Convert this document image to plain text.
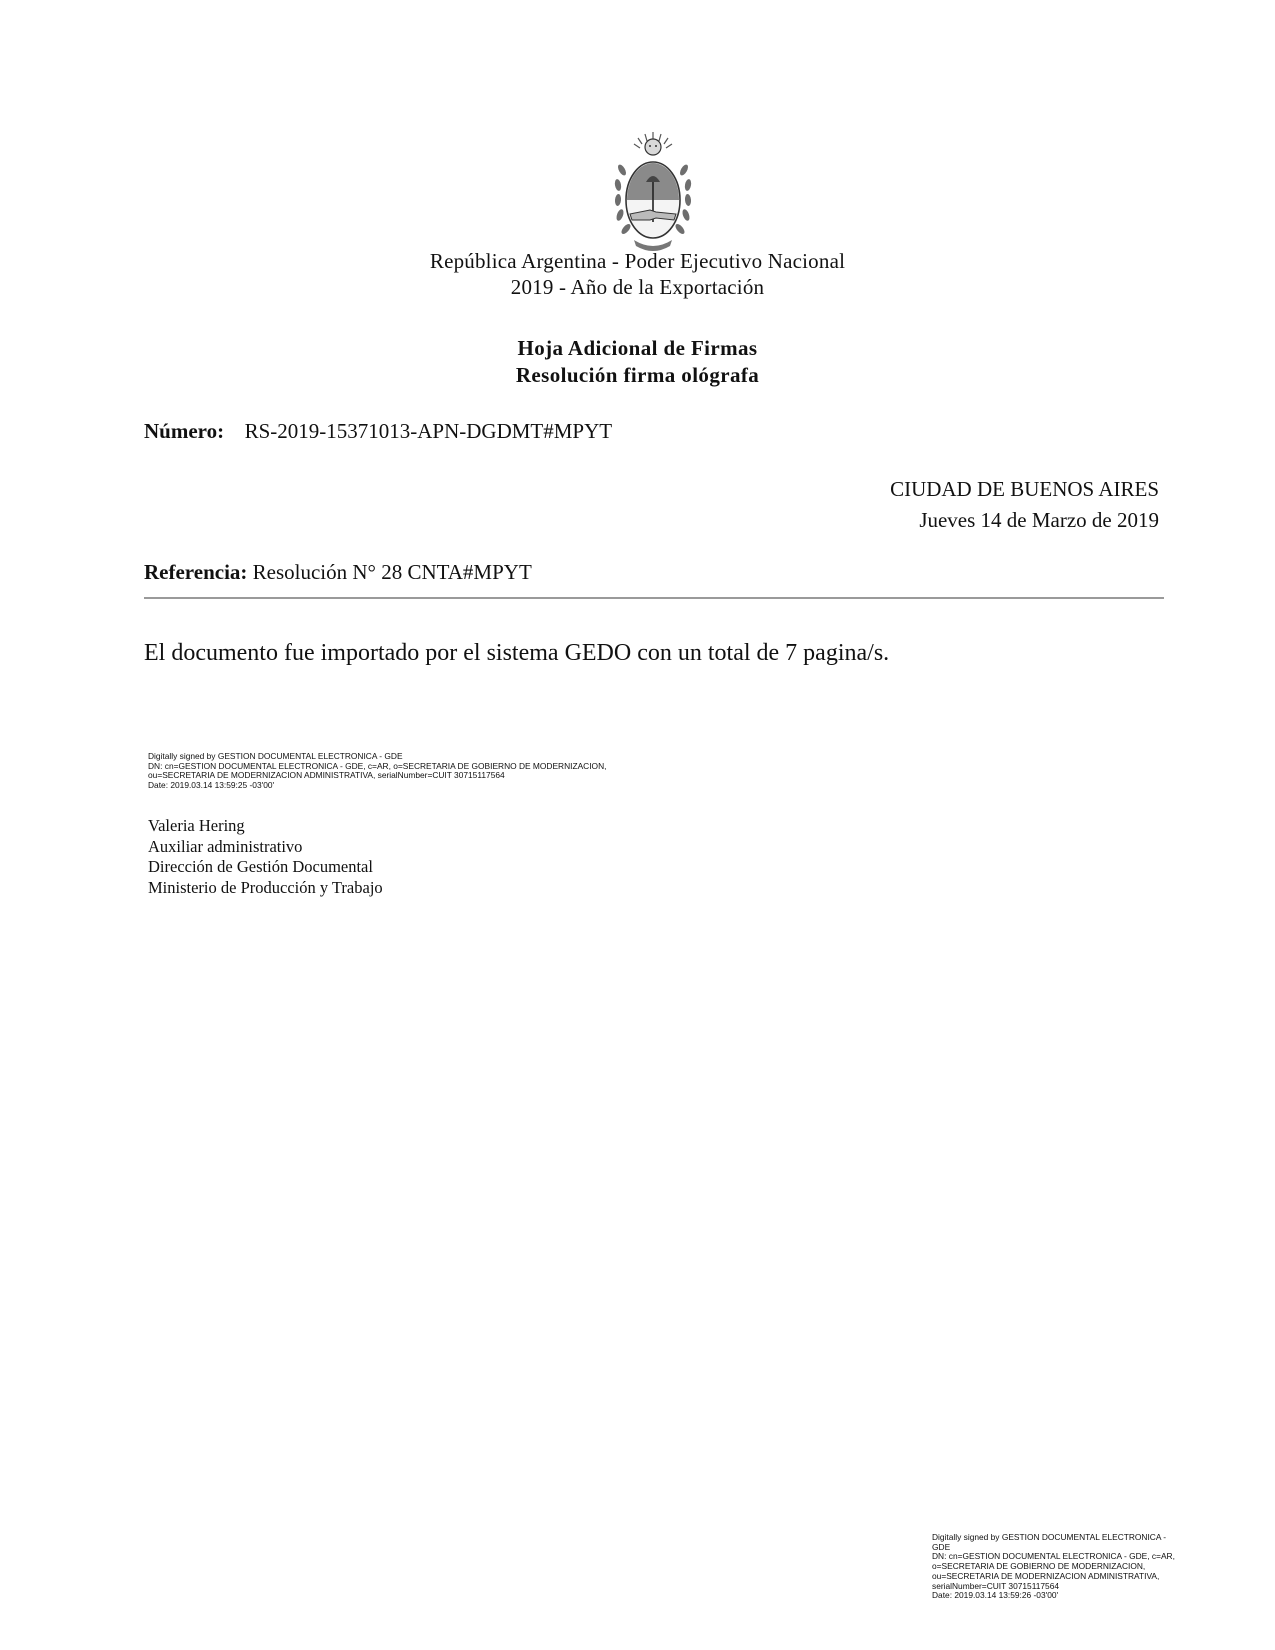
República Argentina - Poder Ejecutivo Nacional
2019 - Año de la Exportación
Hoja Adicional de Firmas
Resolución firma ológrafa
Número: RS-2019-15371013-APN-DGDMT#MPYT
CIUDAD DE BUENOS AIRES
Jueves 14 de Marzo de 2019
Referencia: Resolución N° 28 CNTA#MPYT
El documento fue importado por el sistema GEDO con un total de 7 pagina/s.
Digitally signed by GESTION DOCUMENTAL ELECTRONICA - GDE
DN: cn=GESTION DOCUMENTAL ELECTRONICA - GDE, c=AR, o=SECRETARIA DE GOBIERNO DE MODERNIZACION,
ou=SECRETARIA DE MODERNIZACION ADMINISTRATIVA, serialNumber=CUIT 30715117564
Date: 2019.03.14 13:59:25 -03'00'
Valeria Hering
Auxiliar administrativo
Dirección de Gestión Documental
Ministerio de Producción y Trabajo
Digitally signed by GESTION DOCUMENTAL ELECTRONICA -
GDE
DN: cn=GESTION DOCUMENTAL ELECTRONICA - GDE, c=AR,
o=SECRETARIA DE GOBIERNO DE MODERNIZACION,
ou=SECRETARIA DE MODERNIZACION ADMINISTRATIVA,
serialNumber=CUIT 30715117564
Date: 2019.03.14 13:59:26 -03'00'
